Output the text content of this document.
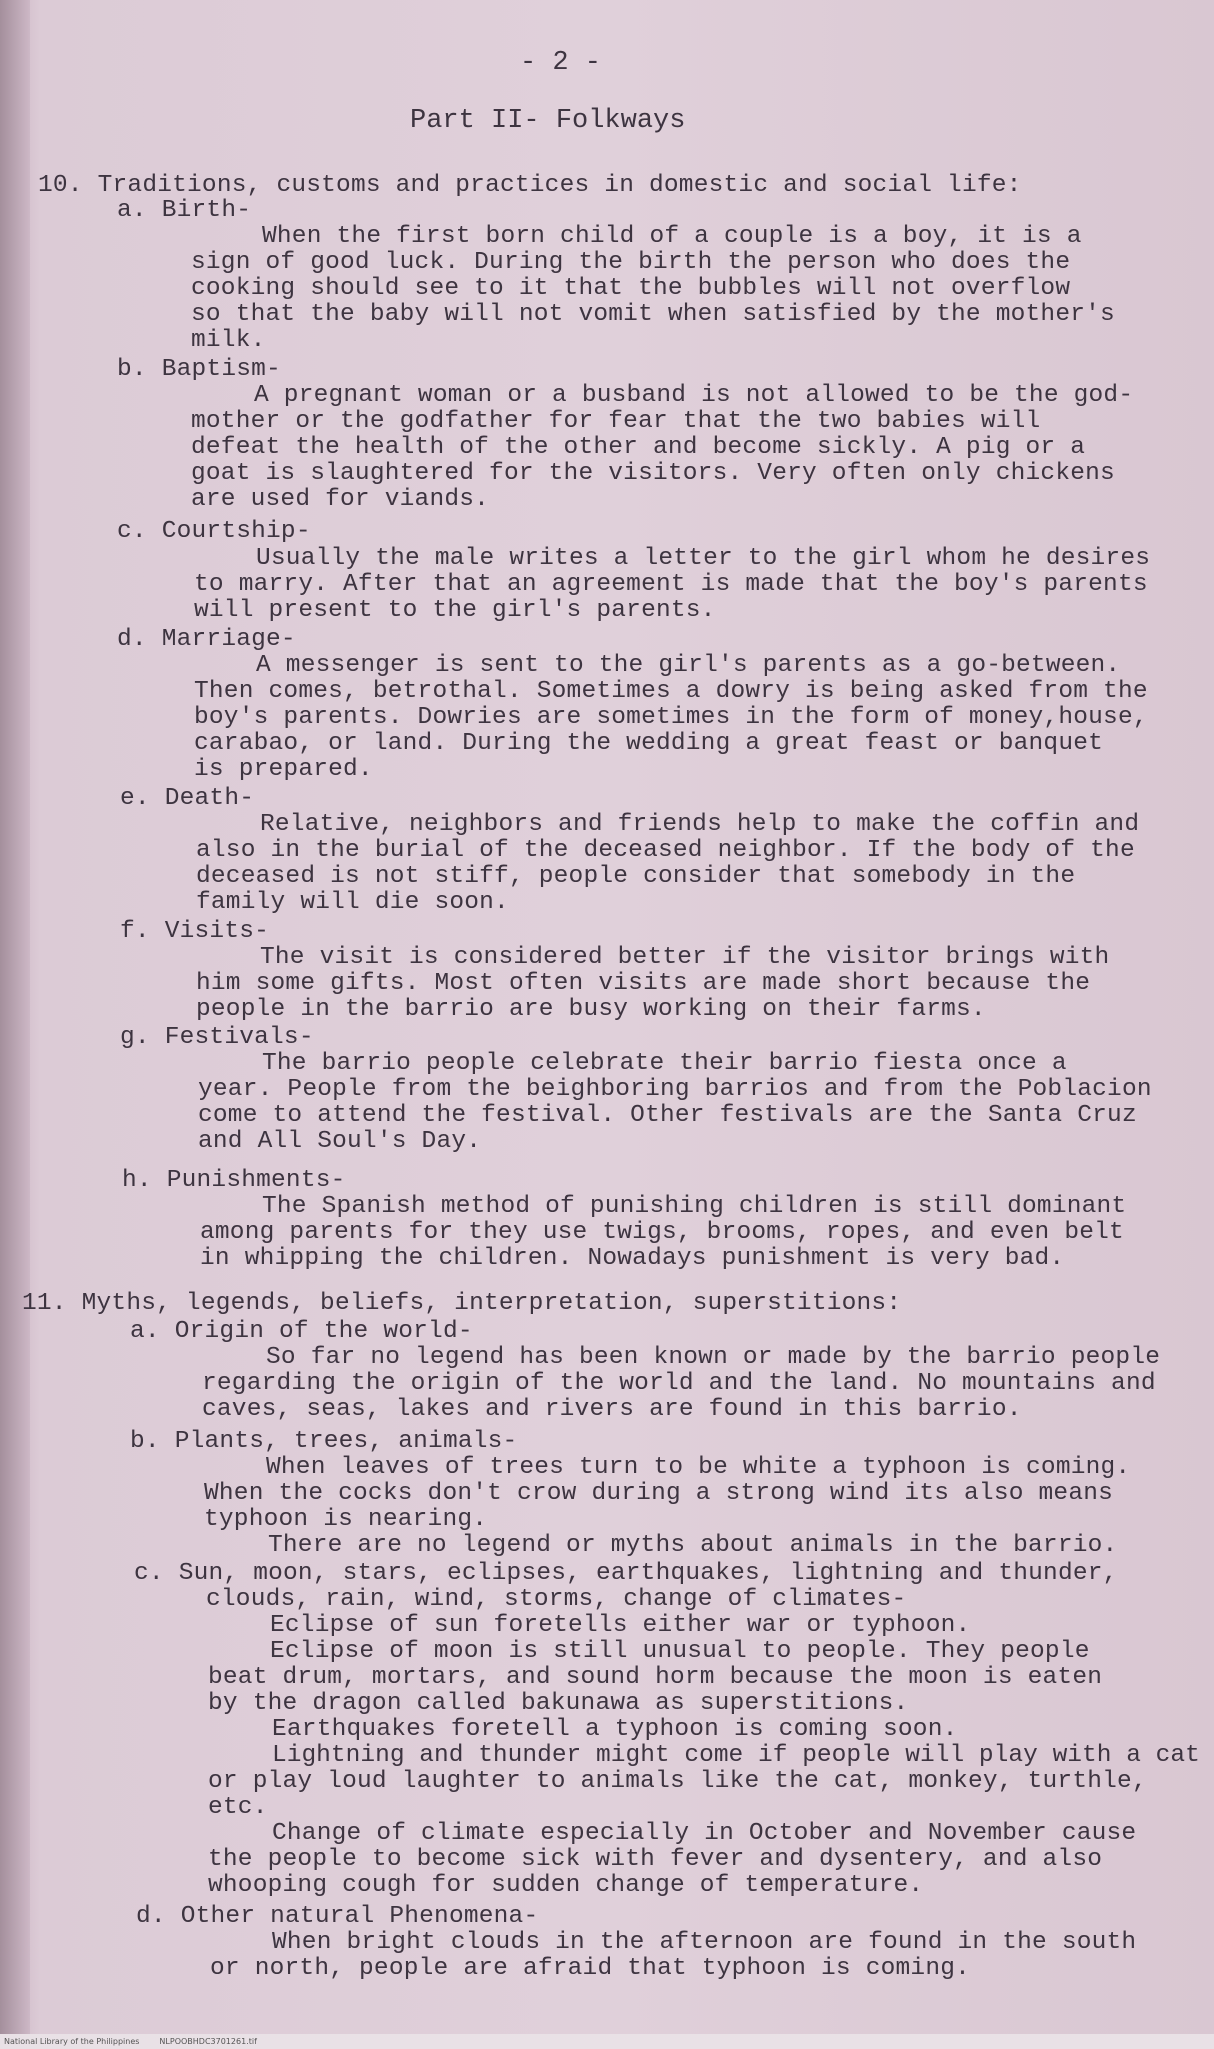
- 2 -
Part II- Folkways
10. Traditions, customs and practices in domestic and social life:
a. Birth-
When the first born child of a couple is a boy, it is a
sign of good luck. During the birth the person who does the
cooking should see to it that the bubbles will not overflow
so that the baby will not vomit when satisfied by the mother's
milk.
b. Baptism-
A pregnant woman or a busband is not allowed to be the god-
mother or the godfather for fear that the two babies will
defeat the health of the other and become sickly. A pig or a
goat is slaughtered for the visitors. Very often only chickens
are used for viands.
c. Courtship-
Usually the male writes a letter to the girl whom he desires
to marry. After that an agreement is made that the boy's parents
will present to the girl's parents.
d. Marriage-
A messenger is sent to the girl's parents as a go-between.
Then comes, betrothal. Sometimes a dowry is being asked from the
boy's parents. Dowries are sometimes in the form of money,house,
carabao, or land. During the wedding a great feast or banquet
is prepared.
e. Death-
Relative, neighbors and friends help to make the coffin and
also in the burial of the deceased neighbor. If the body of the
deceased is not stiff, people consider that somebody in the
family will die soon.
f. Visits-
The visit is considered better if the visitor brings with
him some gifts. Most often visits are made short because the
people in the barrio are busy working on their farms.
g. Festivals-
The barrio people celebrate their barrio fiesta once a
year. People from the beighboring barrios and from the Poblacion
come to attend the festival. Other festivals are the Santa Cruz
and All Soul's Day.
h. Punishments-
The Spanish method of punishing children is still dominant
among parents for they use twigs, brooms, ropes, and even belt
in whipping the children. Nowadays punishment is very bad.
11. Myths, legends, beliefs, interpretation, superstitions:
a. Origin of the world-
So far no legend has been known or made by the barrio people
regarding the origin of the world and the land. No mountains and
caves, seas, lakes and rivers are found in this barrio.
b. Plants, trees, animals-
When leaves of trees turn to be white a typhoon is coming.
When the cocks don't crow during a strong wind its also means
typhoon is nearing.
There are no legend or myths about animals in the barrio.
c. Sun, moon, stars, eclipses, earthquakes, lightning and thunder,
clouds, rain, wind, storms, change of climates-
Eclipse of sun foretells either war or typhoon.
Eclipse of moon is still unusual to people. They people
beat drum, mortars, and sound horm because the moon is eaten
by the dragon called bakunawa as superstitions.
Earthquakes foretell a typhoon is coming soon.
Lightning and thunder might come if people will play with a cat
or play loud laughter to animals like the cat, monkey, turthle,
etc.
Change of climate especially in October and November cause
the people to become sick with fever and dysentery, and also
whooping cough for sudden change of temperature.
d. Other natural Phenomena-
When bright clouds in the afternoon are found in the south
or north, people are afraid that typhoon is coming.
National Library of the Philippines	NLPOOBHDC3701261.tif
